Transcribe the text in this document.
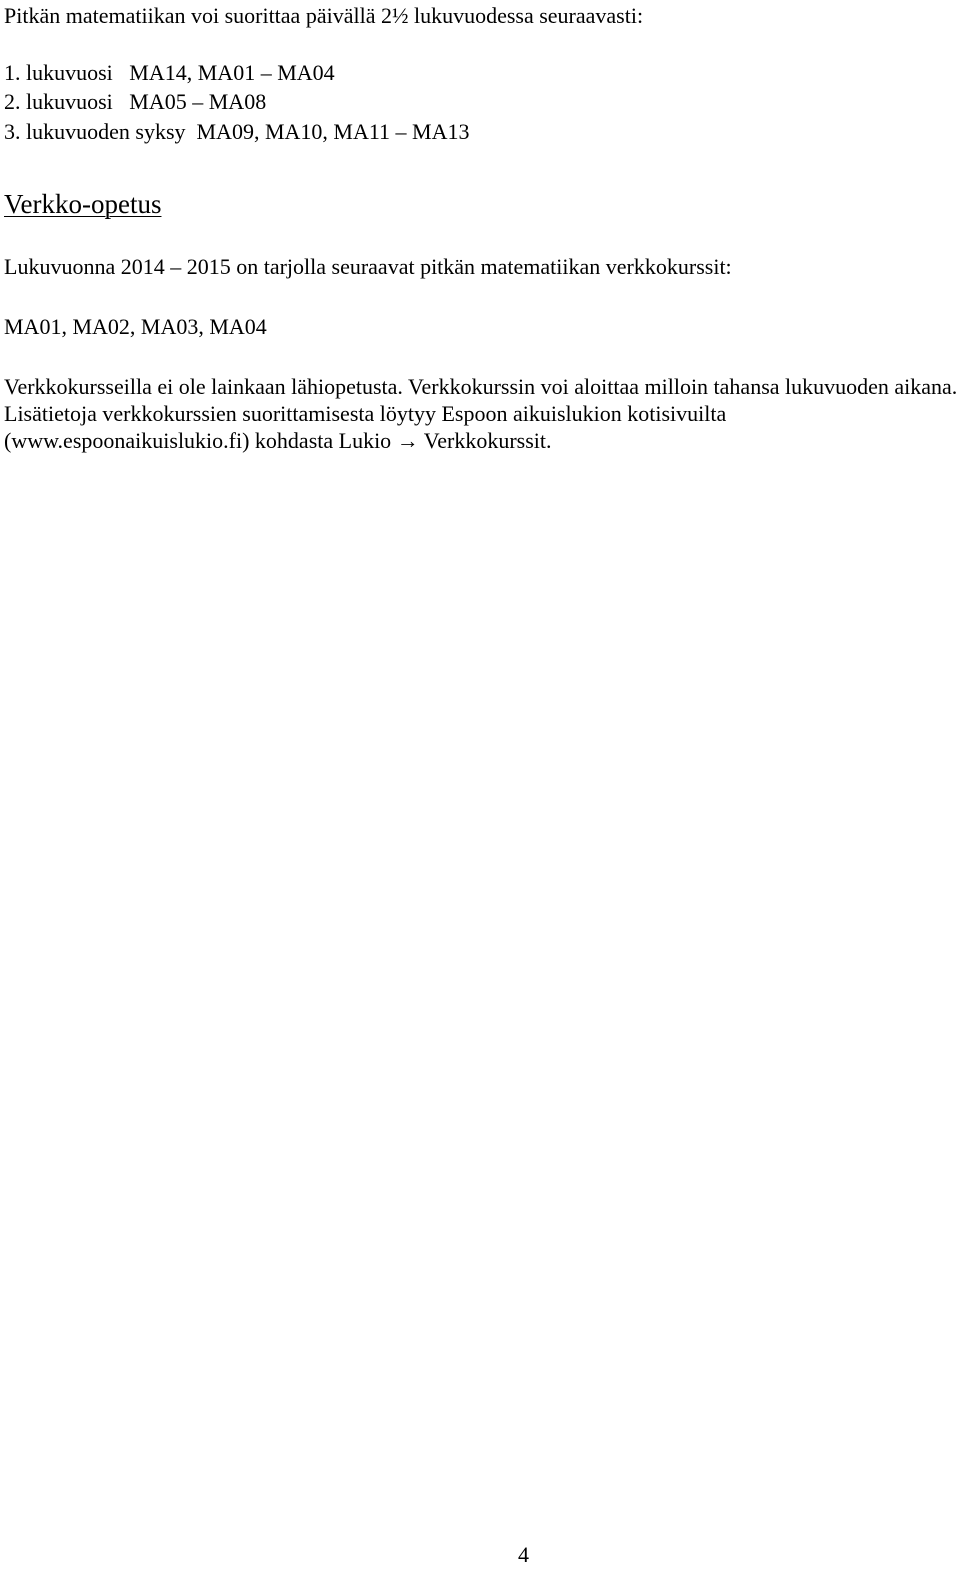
Pitkän matematiikan voi suorittaa päivällä 2½ lukuvuodessa seuraavasti:
1. lukuvuosi MA14, MA01 – MA04
2. lukuvuosi MA05 – MA08
3. lukuvuoden syksy MA09, MA10, MA11 – MA13
Verkko-opetus
Lukuvuonna 2014 – 2015 on tarjolla seuraavat pitkän matematiikan verkkokurssit:
MA01, MA02, MA03, MA04
Verkkokursseilla ei ole lainkaan lähiopetusta. Verkkokurssin voi aloittaa milloin tahansa lukuvuoden aikana. Lisätietoja verkkokurssien suorittamisesta löytyy Espoon aikuislukion kotisivuilta (www.espoonaikuislukio.fi) kohdasta Lukio → Verkkokurssit.
4
